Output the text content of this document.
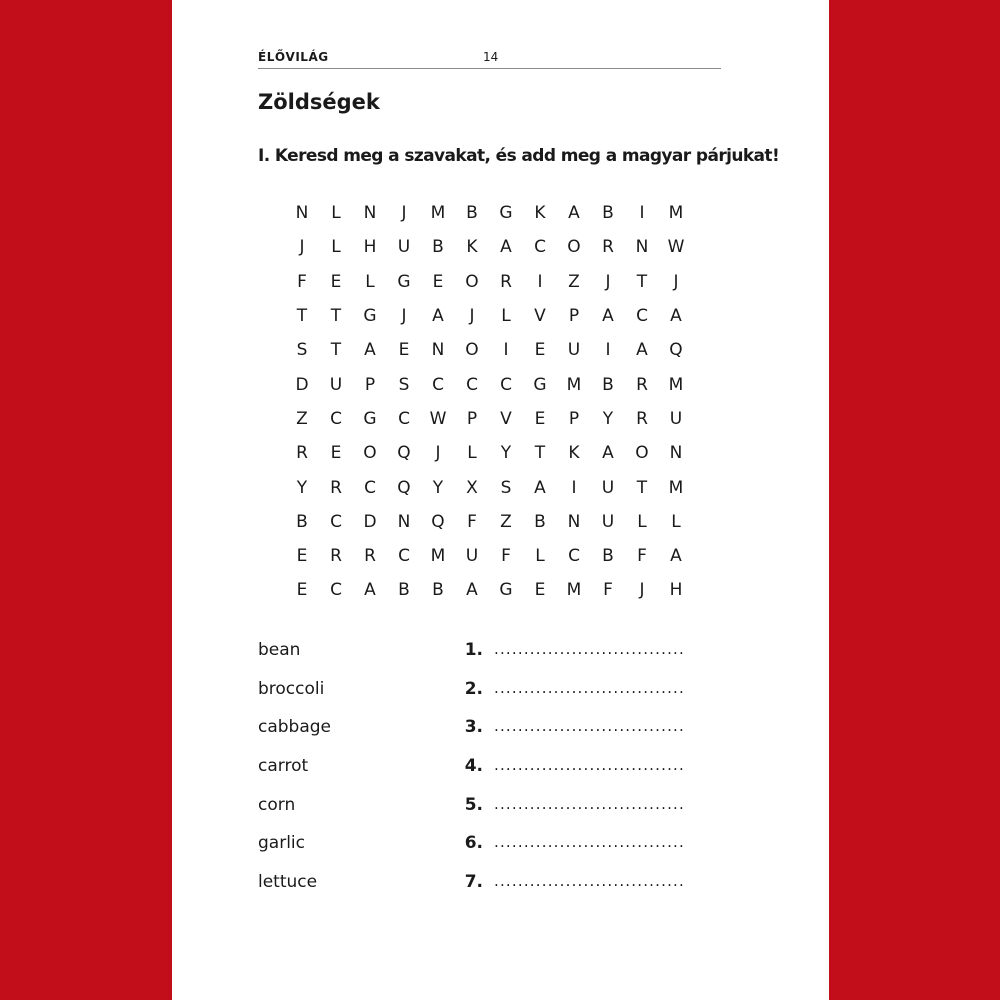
ÉLŐVILÁG	14
Zöldségek
I. Keresd meg a szavakat, és add meg a magyar párjukat!
N	L	N	J	M	B	G	K	A	B	I	M
J	L	H	U	B	K	A	C	O	R	N	W
F	E	L	G	E	O	R	I	Z	J	T	J
T	T	G	J	A	J	L	V	P	A	C	A
S	T	A	E	N	O	I	E	U	I	A	Q
D	U	P	S	C	C	C	G	M	B	R	M
Z	C	G	C	W	P	V	E	P	Y	R	U
R	E	O	Q	J	L	Y	T	K	A	O	N
Y	R	C	Q	Y	X	S	A	I	U	T	M
B	C	D	N	Q	F	Z	B	N	U	L	L
E	R	R	C	M	U	F	L	C	B	F	A
E	C	A	B	B	A	G	E	M	F	J	H
bean	1. ................................
broccoli	2. ................................
cabbage	3. ................................
carrot	4. ................................
corn	5. ................................
garlic	6. ................................
lettuce	7. ................................
